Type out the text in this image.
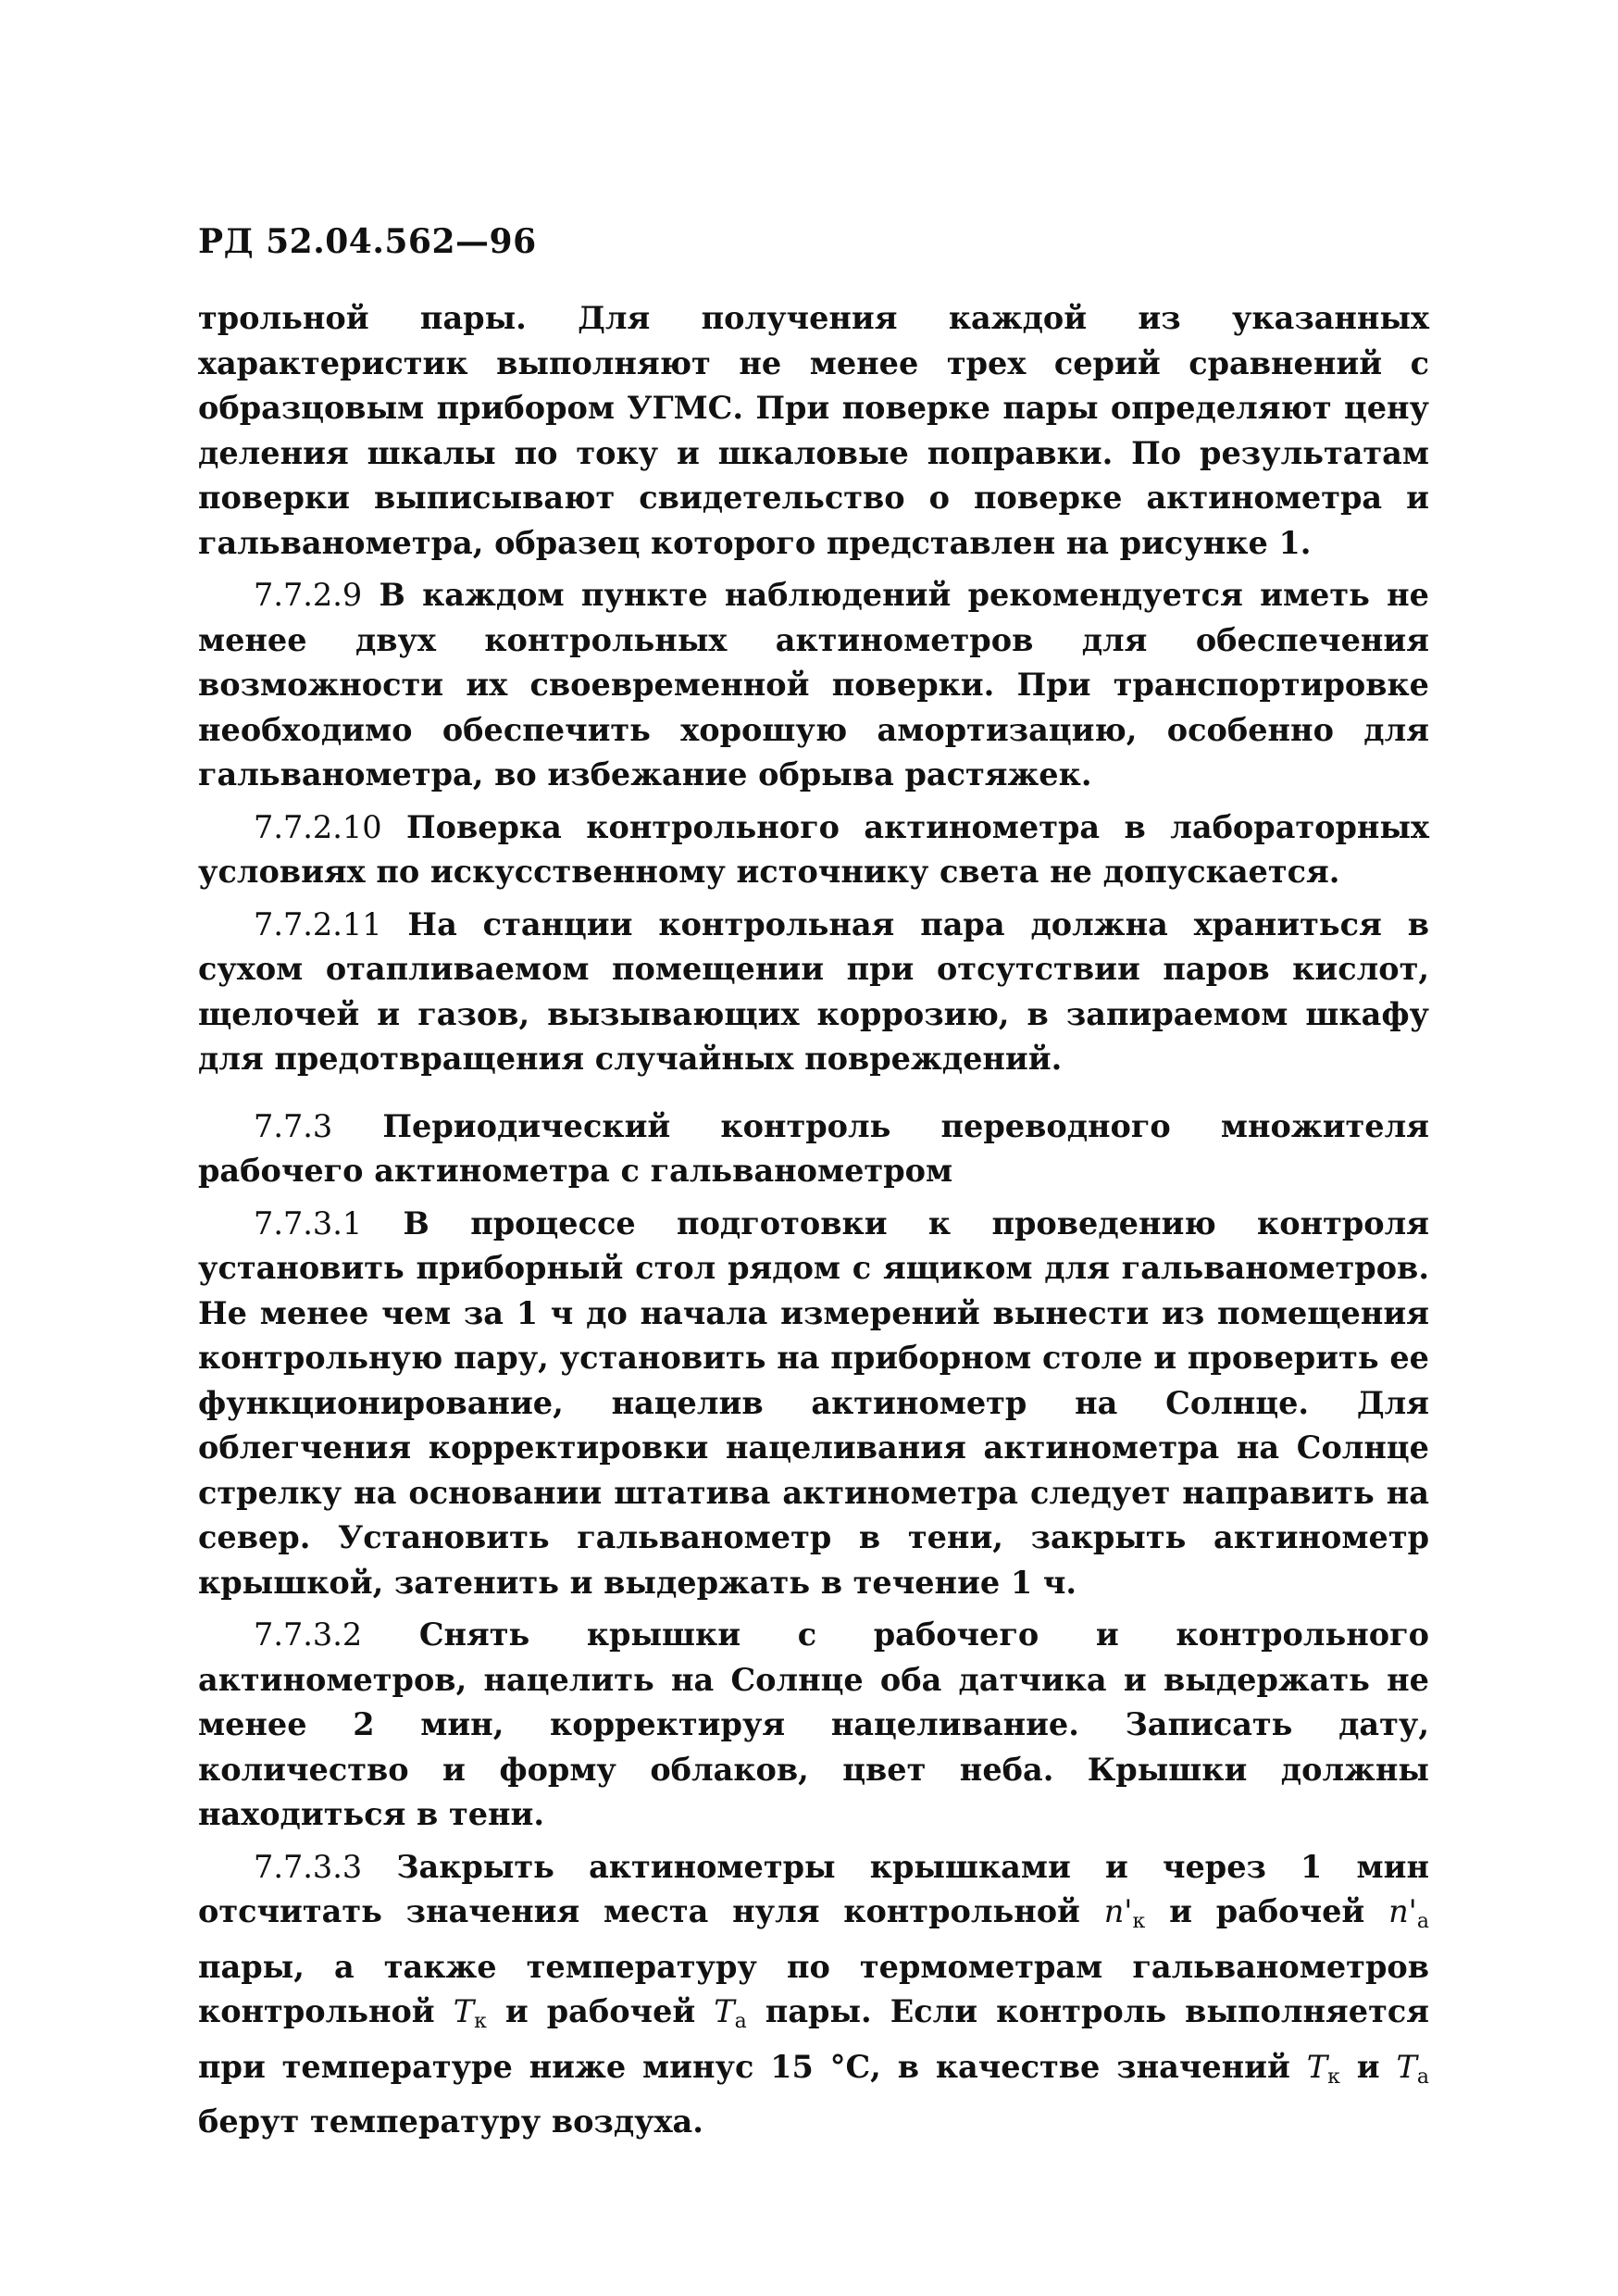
РД 52.04.562—96

трольной пары. Для получения каждой из указанных характеристик выполняют не менее трех серий сравнений с образцовым прибором УГМС. При поверке пары определяют цену деления шкалы по току и шкаловые поправки. По результатам поверки выписывают свидетельство о поверке актинометра и гальванометра, образец которого представлен на рисунке 1.

7.7.2.9 В каждом пункте наблюдений рекомендуется иметь не менее двух контрольных актинометров для обеспечения возможности их своевременной поверки. При транспортировке необходимо обеспечить хорошую амортизацию, особенно для гальванометра, во избежание обрыва растяжек.

7.7.2.10 Поверка контрольного актинометра в лабораторных условиях по искусственному источнику света не допускается.

7.7.2.11 На станции контрольная пара должна храниться в сухом отапливаемом помещении при отсутствии паров кислот, щелочей и газов, вызывающих коррозию, в запираемом шкафу для предотвращения случайных повреждений.

7.7.3 Периодический контроль переводного множителя рабочего актинометра с гальванометром

7.7.3.1 В процессе подготовки к проведению контроля установить приборный стол рядом с ящиком для гальванометров. Не менее чем за 1 ч до начала измерений вынести из помещения контрольную пару, установить на приборном столе и проверить ее функционирование, нацелив актинометр на Солнце. Для облегчения корректировки нацеливания актинометра на Солнце стрелку на основании штатива актинометра следует направить на север. Установить гальванометр в тени, закрыть актинометр крышкой, затенить и выдержать в течение 1 ч.

7.7.3.2 Снять крышки с рабочего и контрольного актинометров, нацелить на Солнце оба датчика и выдержать не менее 2 мин, корректируя нацеливание. Записать дату, количество и форму облаков, цвет неба. Крышки должны находиться в тени.

7.7.3.3 Закрыть актинометры крышками и через 1 мин отсчитать значения места нуля контрольной $n'_к$ и рабочей $n'_а$ пары, а также температуру по термометрам гальванометров контрольной $T_к$ и рабочей $T_а$ пары. Если контроль выполняется при температуре ниже минус 15 °С, в качестве значений $T_к$ и $T_а$ берут температуру воздуха.
